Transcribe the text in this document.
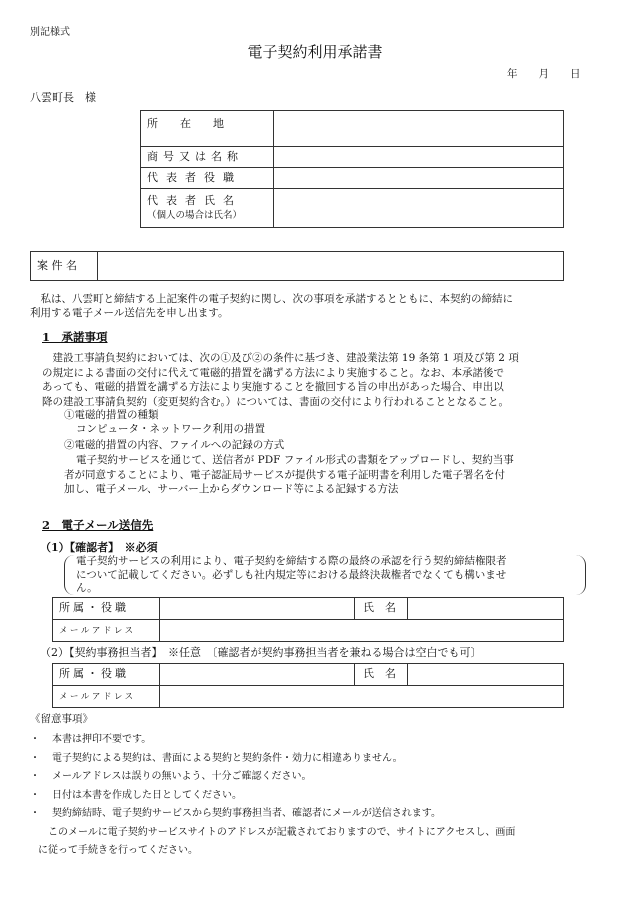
別記様式
電子契約利用承諾書
年　　月　　日
八雲町長　様
所　　在　　地	
商号又は名称	
代表者役職	

代表者氏名
（個人の場合は氏名）	

案 件 名	
　私は、八雲町と締結する上記案件の電子契約に関し、次の事項を承諾するとともに、本契約の締結に
利用する電子メール送信先を申し出ます。
1　承諾事項
　建設工事請負契約においては、次の①及び②の条件に基づき、建設業法第 19 条第 1 項及び第 2 項
の規定による書面の交付に代えて電磁的措置を講ずる方法により実施すること。なお、本承諾後で
あっても、電磁的措置を講ずる方法により実施することを撤回する旨の申出があった場合、申出以
降の建設工事請負契約（変更契約含む。）については、書面の交付により行われることとなること。
①電磁的措置の種類
コンピュータ・ネットワーク利用の措置
②電磁的措置の内容、ファイルへの記録の方式
電子契約サービスを通じて、送信者が PDF ファイル形式の書類をアップロードし、契約当事
者が同意することにより、電子認証局サービスが提供する電子証明書を利用した電子署名を付
加し、電子メール、サーバー上からダウンロード等による記録する方法
2　電子メール送信先
（1）【確認者】　※必須
電子契約サービスの利用により、電子契約を締結する際の最終の承認を行う契約締結権限者
について記載してください。必ずしも社内規定等における最終決裁権者でなくても構いませ
ん。
所属・役職		氏　名	
メールアドレス			
（2）【契約事務担当者】　※任意　〔確認者が契約事務担当者を兼ねる場合は空白でも可〕
所属・役職		氏　名	
メールアドレス			
《留意事項》
・ 本書は押印不要です。
・ 電子契約による契約は、書面による契約と契約条件・効力に相違ありません。
・ メールアドレスは誤りの無いよう、十分ご確認ください。
・ 日付は本書を作成した日としてください。
・ 契約締結時、電子契約サービスから契約事務担当者、確認者にメールが送信されます。
　このメールに電子契約サービスサイトのアドレスが記載されておりますので、サイトにアクセスし、画面
に従って手続きを行ってください。
